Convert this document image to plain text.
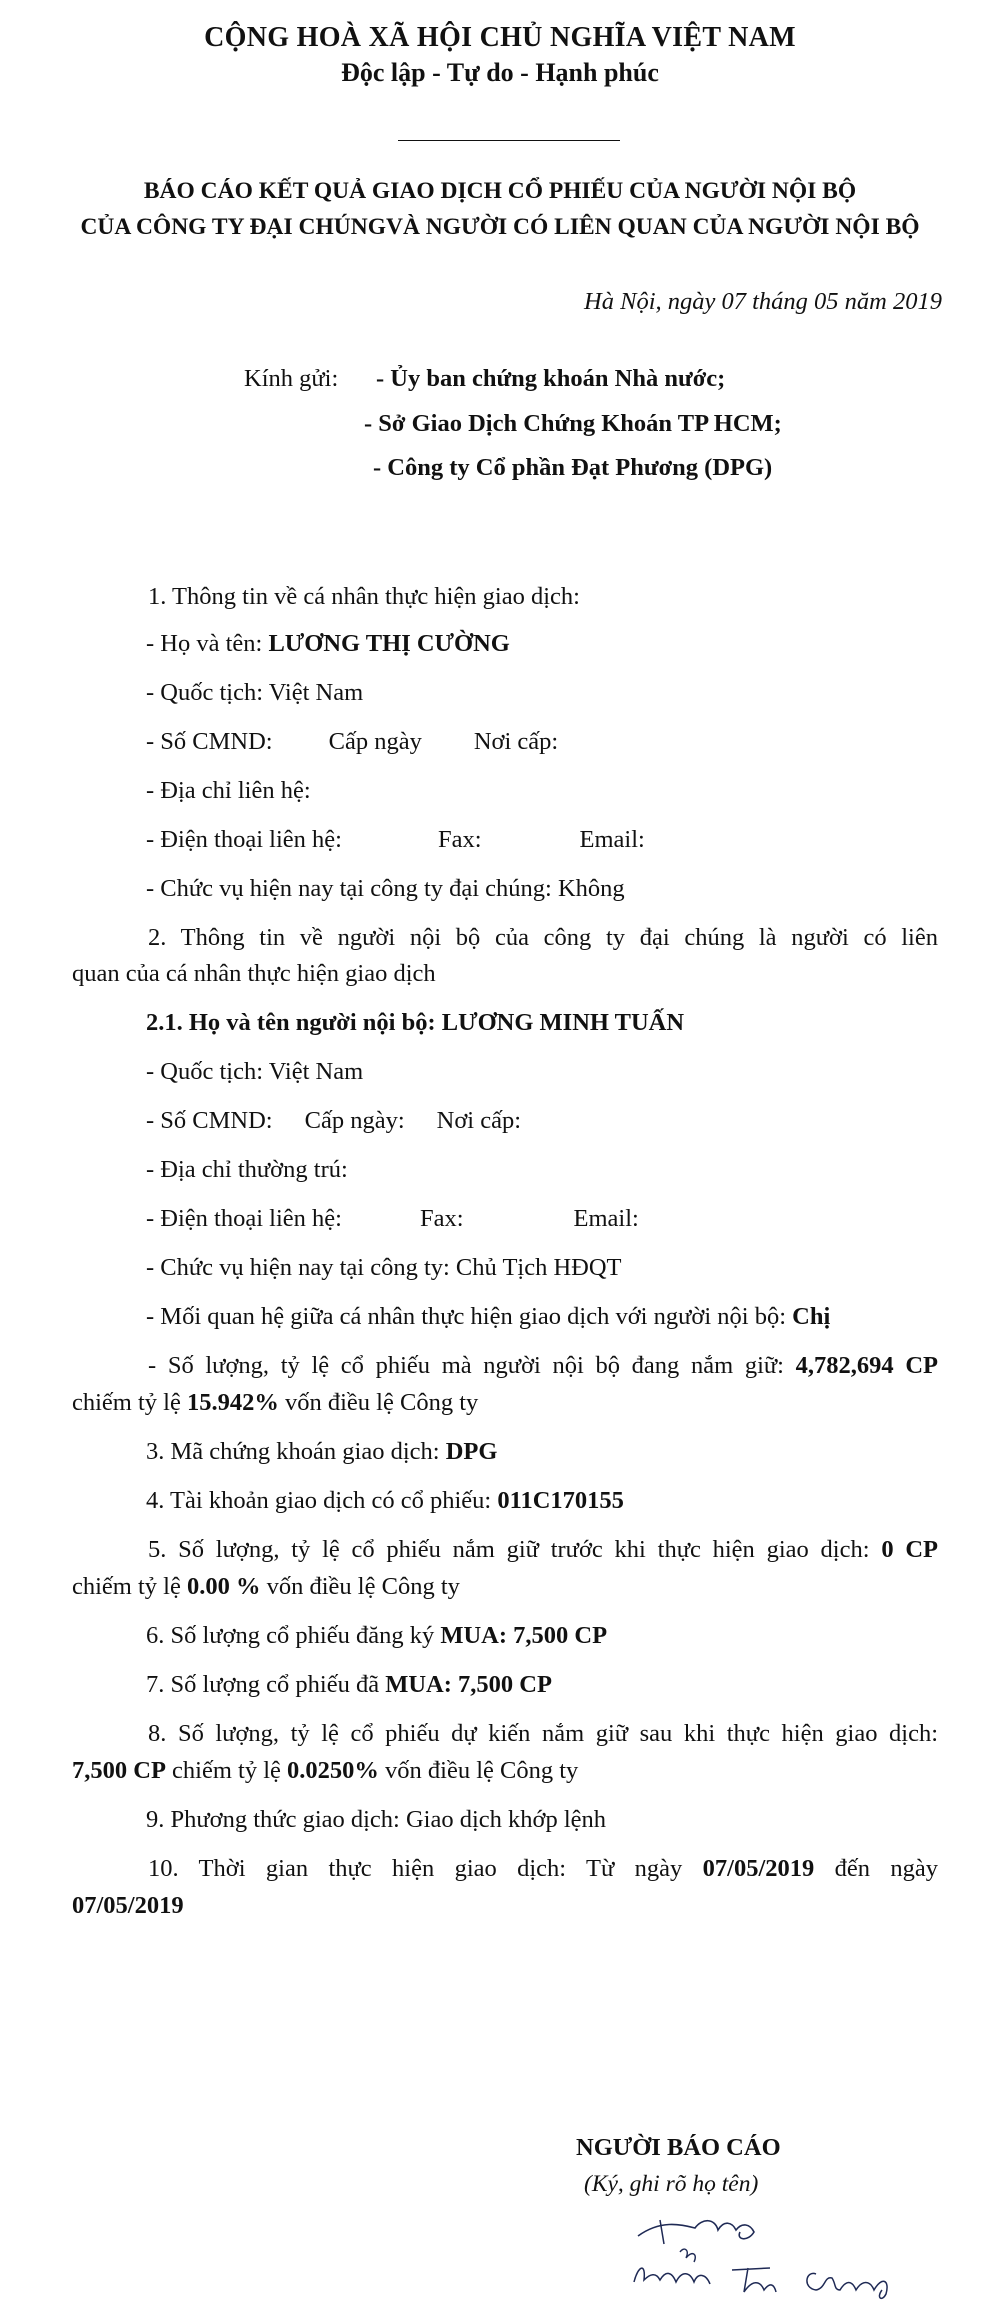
CỘNG HOÀ XÃ HỘI CHỦ NGHĨA VIỆT NAM
Độc lập - Tự do - Hạnh phúc
BÁO CÁO KẾT QUẢ GIAO DỊCH CỔ PHIẾU CỦA NGƯỜI NỘI BỘ
CỦA CÔNG TY ĐẠI CHÚNGVÀ NGƯỜI CÓ LIÊN QUAN CỦA NGƯỜI NỘI BỘ
Hà Nội, ngày 07 tháng 05 năm 2019
Kính gửi: - Ủy ban chứng khoán Nhà nước;
- Sở Giao Dịch Chứng Khoán TP HCM;
- Công ty Cổ phần Đạt Phương (DPG)
1. Thông tin về cá nhân thực hiện giao dịch:
- Họ và tên: LƯƠNG THỊ CƯỜNG
- Quốc tịch: Việt Nam
- Số CMND: Cấp ngày Nơi cấp:
- Địa chỉ liên hệ:
- Điện thoại liên hệ:	Fax:	Email:
- Chức vụ hiện nay tại công ty đại chúng: Không
2. Thông tin về người nội bộ của công ty đại chúng là người có liên
quan của cá nhân thực hiện giao dịch
2.1. Họ và tên người nội bộ: LƯƠNG MINH TUẤN
- Quốc tịch: Việt Nam
- Số CMND: Cấp ngày: Nơi cấp:
- Địa chỉ thường trú:
- Điện thoại liên hệ:	Fax:	Email:
- Chức vụ hiện nay tại công ty: Chủ Tịch HĐQT
- Mối quan hệ giữa cá nhân thực hiện giao dịch với người nội bộ: Chị
- Số lượng, tỷ lệ cổ phiếu mà người nội bộ đang nắm giữ: 4,782,694 CP
chiếm tỷ lệ 15.942% vốn điều lệ Công ty
3. Mã chứng khoán giao dịch: DPG
4. Tài khoản giao dịch có cổ phiếu: 011C170155
5. Số lượng, tỷ lệ cổ phiếu nắm giữ trước khi thực hiện giao dịch: 0 CP
chiếm tỷ lệ 0.00 % vốn điều lệ Công ty
6. Số lượng cổ phiếu đăng ký MUA: 7,500 CP
7. Số lượng cổ phiếu đã MUA: 7,500 CP
8. Số lượng, tỷ lệ cổ phiếu dự kiến nắm giữ sau khi thực hiện giao dịch:
7,500 CP chiếm tỷ lệ 0.0250% vốn điều lệ Công ty
9. Phương thức giao dịch: Giao dịch khớp lệnh
10. Thời gian thực hiện giao dịch: Từ ngày 07/05/2019 đến ngày
07/05/2019
NGƯỜI BÁO CÁO
(Ký, ghi rõ họ tên)
